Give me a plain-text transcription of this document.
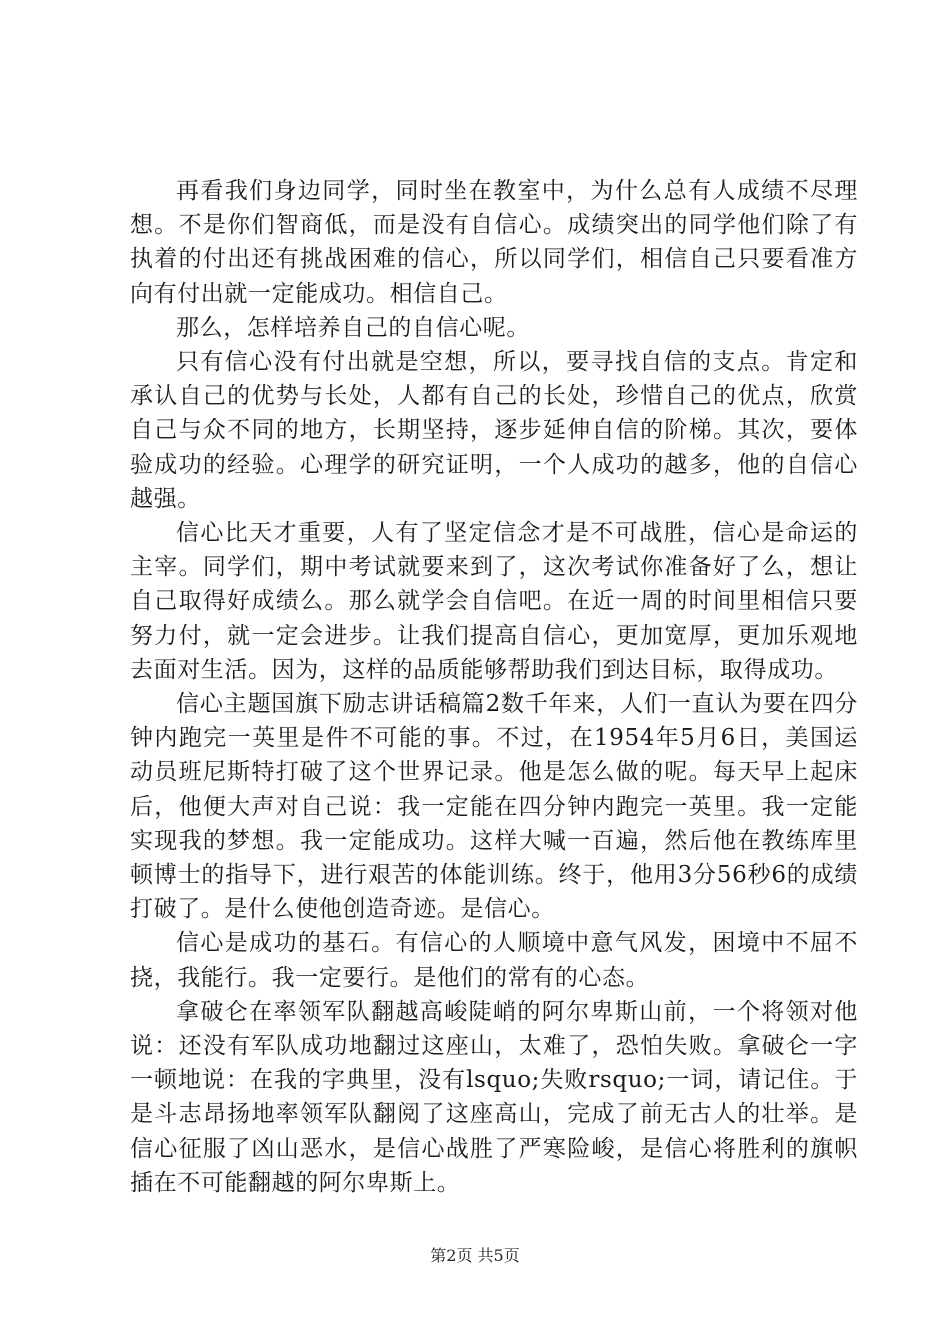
再看我们身边同学，同时坐在教室中，为什么总有人成绩不尽理想。不是你们智商低，而是没有自信心。成绩突出的同学他们除了有执着的付出还有挑战困难的信心，所以同学们，相信自己只要看准方向有付出就一定能成功。相信自己。

那么，怎样培养自己的自信心呢。

只有信心没有付出就是空想，所以，要寻找自信的支点。肯定和承认自己的优势与长处，人都有自己的长处，珍惜自己的优点，欣赏自己与众不同的地方，长期坚持，逐步延伸自信的阶梯。其次，要体验成功的经验。心理学的研究证明，一个人成功的越多，他的自信心越强。

信心比天才重要，人有了坚定信念才是不可战胜，信心是命运的主宰。同学们，期中考试就要来到了，这次考试你准备好了么，想让自己取得好成绩么。那么就学会自信吧。在近一周的时间里相信只要努力付，就一定会进步。让我们提高自信心，更加宽厚，更加乐观地去面对生活。因为，这样的品质能够帮助我们到达目标，取得成功。

信心主题国旗下励志讲话稿篇2数千年来，人们一直认为要在四分钟内跑完一英里是件不可能的事。不过，在1954年5月6日，美国运动员班尼斯特打破了这个世界记录。他是怎么做的呢。每天早上起床后，他便大声对自己说：我一定能在四分钟内跑完一英里。我一定能实现我的梦想。我一定能成功。这样大喊一百遍，然后他在教练库里顿博士的指导下，进行艰苦的体能训练。终于，他用3分56秒6的成绩打破了。是什么使他创造奇迹。是信心。

信心是成功的基石。有信心的人顺境中意气风发，困境中不屈不挠，我能行。我一定要行。是他们的常有的心态。

拿破仑在率领军队翻越高峻陡峭的阿尔卑斯山前，一个将领对他说：还没有军队成功地翻过这座山，太难了，恐怕失败。拿破仑一字一顿地说：在我的字典里，没有lsquo;失败rsquo;一词，请记住。于是斗志昂扬地率领军队翻阅了这座高山，完成了前无古人的壮举。是信心征服了凶山恶水，是信心战胜了严寒险峻，是信心将胜利的旗帜插在不可能翻越的阿尔卑斯上。

第2页 共5页
